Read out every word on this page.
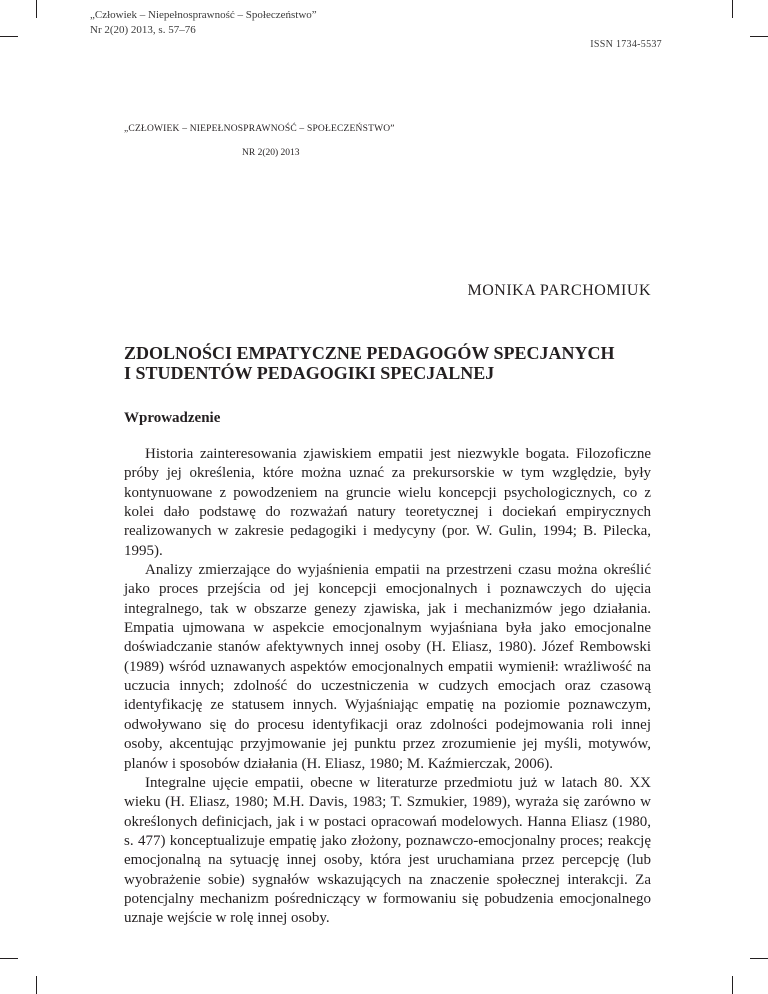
„Człowiek – Niepełnosprawność – Społeczeństwo”
Nr 2(20) 2013, s. 57–76
ISSN 1734-5537
„CZŁOWIEK – NIEPEŁNOSPRAWNOŚĆ – SPOŁECZEŃSTWO”
NR 2(20) 2013
MONIKA PARCHOMIUK
ZDOLNOŚCI EMPATYCZNE PEDAGOGÓW SPECJANYCH
I STUDENTÓW PEDAGOGIKI SPECJALNEJ
Wprowadzenie

Historia zainteresowania zjawiskiem empatii jest niezwykle bogata. Filozoficzne próby jej określenia, które można uznać za prekursorskie w tym względzie, były kontynuowane z powodzeniem na gruncie wielu koncepcji psychologicznych, co z kolei dało podstawę do rozważań natury teoretycznej i dociekań empirycznych realizowanych w zakresie pedagogiki i medycyny (por. W. Gulin, 1994; B. Pilecka, 1995).

Analizy zmierzające do wyjaśnienia empatii na przestrzeni czasu można określić jako proces przejścia od jej koncepcji emocjonalnych i poznawczych do ujęcia integralnego, tak w obszarze genezy zjawiska, jak i mechanizmów jego działania. Empatia ujmowana w aspekcie emocjonalnym wyjaśniana była jako emocjonalne doświadczanie stanów afektywnych innej osoby (H. Eliasz, 1980). Józef Rembowski (1989) wśród uznawanych aspektów emocjonalnych empatii wymienił: wrażliwość na uczucia innych; zdolność do uczestniczenia w cudzych emocjach oraz czasową identyfikację ze statusem innych. Wyjaśniając empatię na poziomie poznawczym, odwoływano się do procesu identyfikacji oraz zdolności podejmowania roli innej osoby, akcentując przyjmowanie jej punktu przez zrozumienie jej myśli, motywów, planów i sposobów działania (H. Eliasz, 1980; M. Kaźmierczak, 2006).

Integralne ujęcie empatii, obecne w literaturze przedmiotu już w latach 80. XX wieku (H. Eliasz, 1980; M.H. Davis, 1983; T. Szmukier, 1989), wyraża się zarówno w określonych definicjach, jak i w postaci opracowań modelowych. Hanna Eliasz (1980, s. 477) konceptualizuje empatię jako złożony, poznawczo-emocjonalny proces; reakcję emocjonalną na sytuację innej osoby, która jest uruchamiana przez percepcję (lub wyobrażenie sobie) sygnałów wskazujących na znaczenie społecznej interakcji. Za potencjalny mechanizm pośredniczący w formowaniu się pobudzenia emocjonalnego uznaje wejście w rolę innej osoby.
